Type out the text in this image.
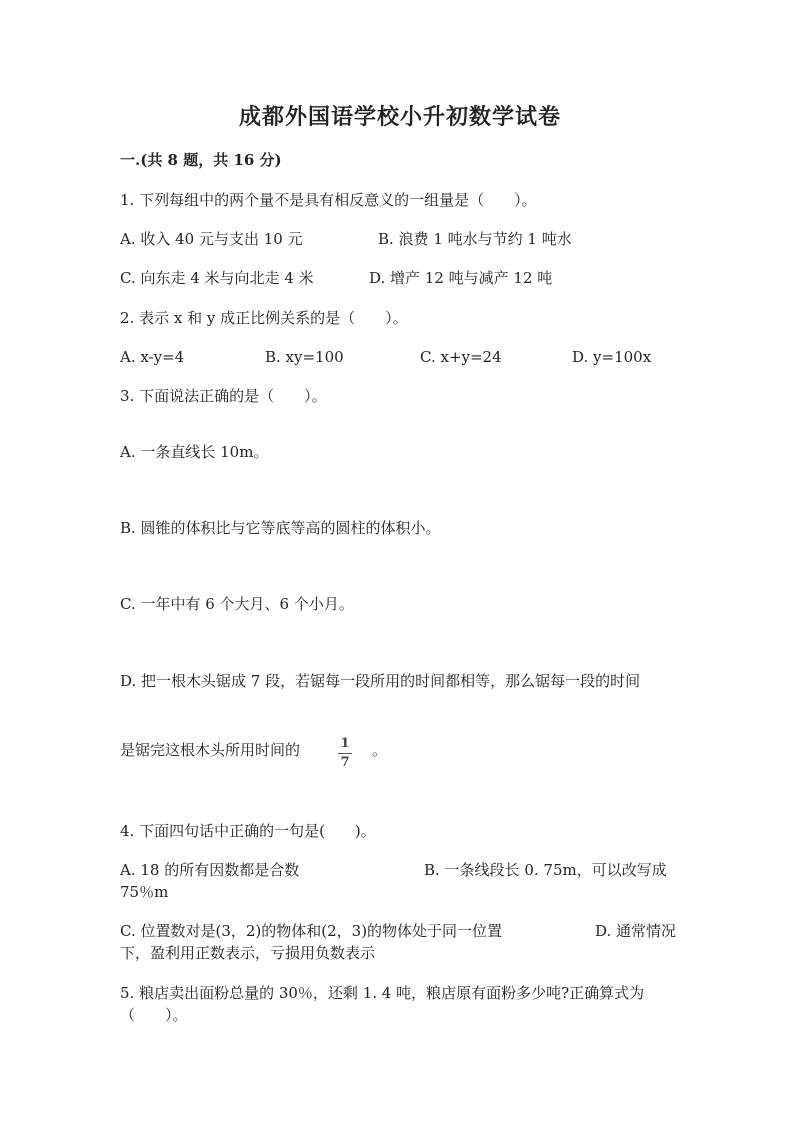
成都外国语学校小升初数学试卷
一.(共 8 题，共 16 分)
1. 下列每组中的两个量不是具有相反意义的一组量是（　　）。
A. 收入 40 元与支出 10 元	B. 浪费 1 吨水与节约 1 吨水
C. 向东走 4 米与向北走 4 米	D. 增产 12 吨与减产 12 吨
2. 表示 x 和 y 成正比例关系的是（　　）。
A. x-y=4	B. xy=100	C. x+y=24	D. y=100x
3. 下面说法正确的是（　　）。
A. 一条直线长 10m。
B. 圆锥的体积比与它等底等高的圆柱的体积小。
C. 一年中有 6 个大月、6 个小月。
D. 把一根木头锯成 7 段，若锯每一段所用的时间都相等，那么锯每一段的时间
是锯完这根木头所用时间的	1
7
。
4. 下面四句话中正确的一句是(　　)。
A. 18 的所有因数都是合数	B. 一条线段长 0. 75m，可以改写成
75％m
C. 位置数对是(3，2)的物体和(2，3)的物体处于同一位置	D. 通常情况
下，盈利用正数表示，亏损用负数表示
5. 粮店卖出面粉总量的 30％，还剩 1. 4 吨，粮店原有面粉多少吨?正确算式为
（　　）。
